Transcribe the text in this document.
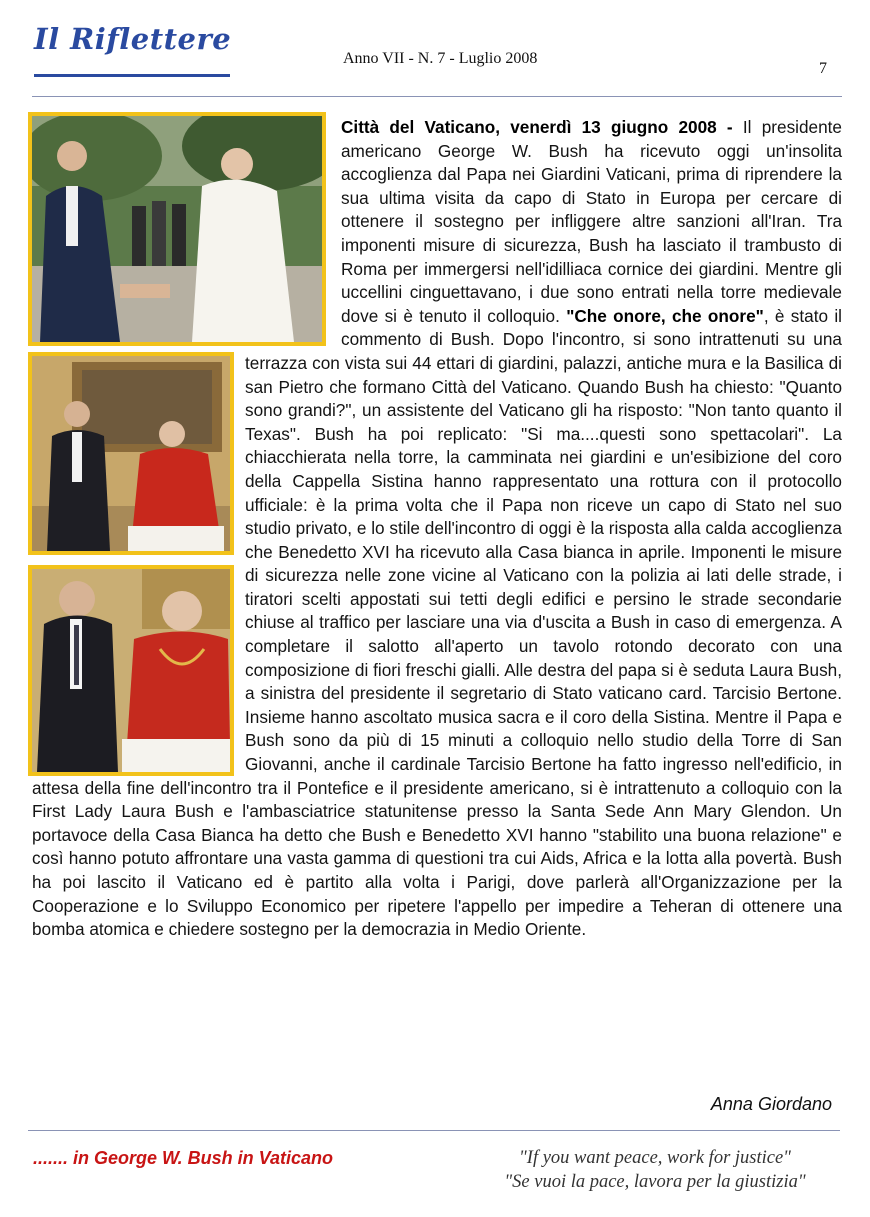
Il Riflettere
Anno VII - N. 7 - Luglio 2008
7
Città del Vaticano, venerdì 13 giugno 2008 - Il presidente americano George W. Bush ha ricevuto oggi un'insolita accoglienza dal Papa nei Giardini Vaticani, prima di riprendere la sua ultima visita da capo di Stato in Europa per cercare di ottenere il sostegno per infliggere altre sanzioni all'Iran. Tra imponenti misure di sicurezza, Bush ha lasciato il trambusto di Roma per immergersi nell'idilliaca cornice dei giardini. Mentre gli uccellini cinguettavano, i due sono entrati nella torre medievale dove si è tenuto il colloquio. "Che onore, che onore", è stato il commento di Bush. Dopo l'incontro, si sono intrattenuti su una terrazza con vista sui 44 ettari di giardini, palazzi, antiche mura e la Basilica di san Pietro che formano Città del Vaticano. Quando Bush ha chiesto: "Quanto sono grandi?", un assistente del Vaticano gli ha risposto: "Non tanto quanto il Texas". Bush ha poi replicato: "Si ma....questi sono spettacolari". La chiacchierata nella torre, la camminata nei giardini e un'esibizione del coro della Cappella Sistina hanno rappresentato una rottura con il protocollo ufficiale: è la prima volta che il Papa non riceve un capo di Stato nel suo studio privato, e lo stile dell'incontro di oggi è la risposta alla calda accoglienza che Benedetto XVI ha ricevuto alla Casa bianca in aprile. Imponenti le misure di sicurezza nelle zone vicine al Vaticano con la polizia ai lati delle strade, i tiratori scelti appostati sui tetti degli edifici e persino le strade secondarie chiuse al traffico per lasciare una via d'uscita a Bush in caso di emergenza. A completare il salotto all'aperto un tavolo rotondo decorato con una composizione di fiori freschi gialli. Alle destra del papa si è seduta Laura Bush, a sinistra del presidente il segretario di Stato vaticano card. Tarcisio Bertone. Insieme hanno ascoltato musica sacra e il coro della Sistina. Mentre il Papa e Bush sono da più di 15 minuti a colloquio nello studio della Torre di San Giovanni, anche il cardinale Tarcisio Bertone ha fatto ingresso nell'edificio, in attesa della fine dell'incontro tra il Pontefice e il presidente americano, si è intrattenuto a colloquio con la First Lady Laura Bush e l'ambasciatrice statunitense presso la Santa Sede Ann Mary Glendon. Un portavoce della Casa Bianca ha detto che Bush e Benedetto XVI hanno "stabilito una buona relazione" e così hanno potuto affrontare una vasta gamma di questioni tra cui Aids, Africa e la lotta alla povertà. Bush ha poi lascito il Vaticano ed è partito alla volta i Parigi, dove parlerà all'Organizzazione per la Cooperazione e lo Sviluppo Economico per ripetere l'appello per impedire a Teheran di ottenere una bomba atomica e chiedere sostegno per la democrazia in Medio Oriente.
Anna Giordano
....... in George W. Bush in Vaticano	"If you want peace, work for justice"
"Se vuoi la pace, lavora per la giustizia"
